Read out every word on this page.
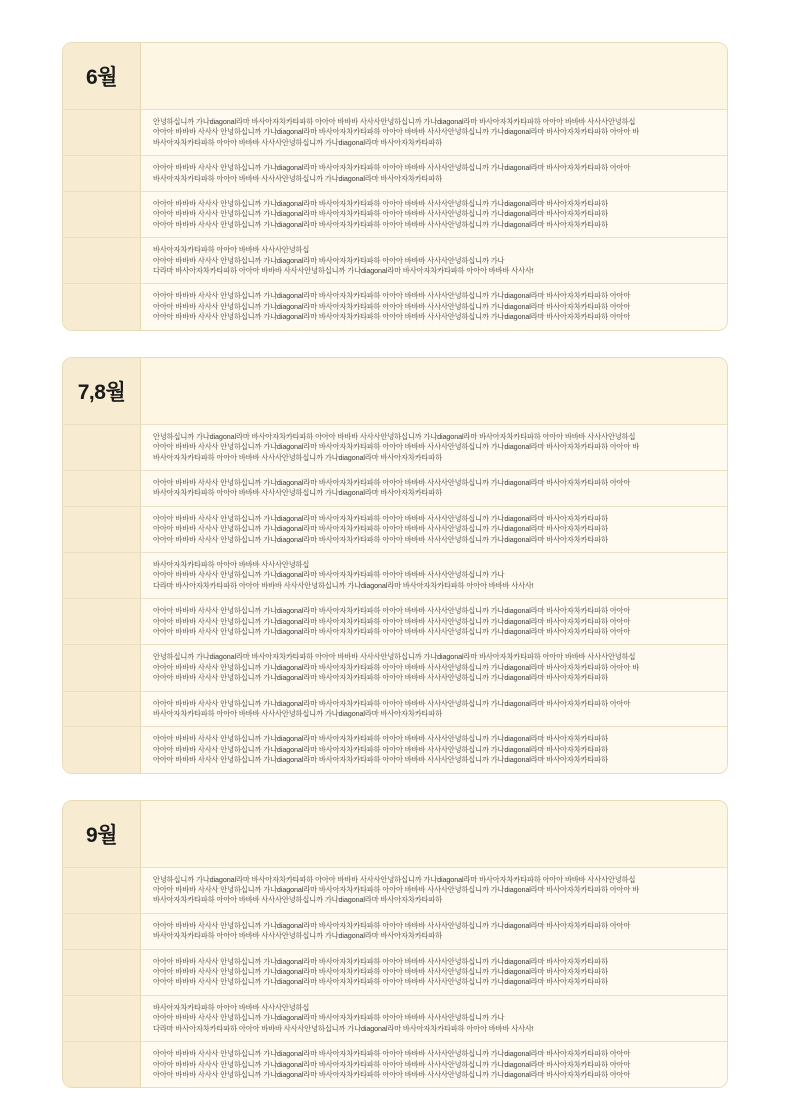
6월
안녕하십니까 가나diagonal라마 바사아자차카타파하 아아아 바바바 사사사안녕하십니까 가나diagonal라마 바사아자차카타파하 아아아 바바바 사사사안녕하십
아아아 바바바 사사사 안녕하십니까 가나diagonal라마 바사아자차카타파하 아아아 바바바 사사사안녕하십니까 가나diagonal라마 바사아자차카타파하 아아아 바
바사아자차카타파하 아아아 바바바 사사사안녕하십니까 가나diagonal라마 바사아자차카타파하
아아아 바바바 사사사 안녕하십니까 가나diagonal라마 바사아자차카타파하 아아아 바바바 사사사안녕하십니까 가나diagonal라마 바사아자차카타파하 아아아
바사아자차카타파하 아아아 바바바 사사사안녕하십니까 가나diagonal라마 바사아자차카타파하
아아아 바바바 사사사 안녕하십니까 가나diagonal라마 바사아자차카타파하 아아아 바바바 사사사안녕하십니까 가나diagonal라마 바사아자차카타파하
아아아 바바바 사사사 안녕하십니까 가나diagonal라마 바사아자차카타파하 아아아 바바바 사사사안녕하십니까 가나diagonal라마 바사아자차카타파하
아아아 바바바 사사사 안녕하십니까 가나diagonal라마 바사아자차카타파하 아아아 바바바 사사사안녕하십니까 가나diagonal라마 바사아자차카타파하
바사아자차카타파하 아아아 바바바 사사사안녕하십
아아아 바바바 사사사 안녕하십니까 가나diagonal라마 바사아자차카타파하 아아아 바바바 사사사안녕하십니까 가나
다라마 바사아자차카타파하 아아아 바바바 사사사안녕하십니까 가나diagonal라마 바사아자차카타파하 아아아 바바바 사사사!
아아아 바바바 사사사 안녕하십니까 가나diagonal라마 바사아자차카타파하 아아아 바바바 사사사안녕하십니까 가나diagonal라마 바사아자차카타파하 아아아
아아아 바바바 사사사 안녕하십니까 가나diagonal라마 바사아자차카타파하 아아아 바바바 사사사안녕하십니까 가나diagonal라마 바사아자차카타파하 아아아
아아아 바바바 사사사 안녕하십니까 가나diagonal라마 바사아자차카타파하 아아아 바바바 사사사안녕하십니까 가나diagonal라마 바사아자차카타파하 아아아
7,8월
안녕하십니까 가나diagonal라마 바사아자차카타파하 아아아 바바바 사사사안녕하십니까 가나diagonal라마 바사아자차카타파하 아아아 바바바 사사사안녕하십
아아아 바바바 사사사 안녕하십니까 가나diagonal라마 바사아자차카타파하 아아아 바바바 사사사안녕하십니까 가나diagonal라마 바사아자차카타파하 아아아 바
바사아자차카타파하 아아아 바바바 사사사안녕하십니까 가나diagonal라마 바사아자차카타파하
아아아 바바바 사사사 안녕하십니까 가나diagonal라마 바사아자차카타파하 아아아 바바바 사사사안녕하십니까 가나diagonal라마 바사아자차카타파하 아아아
바사아자차카타파하 아아아 바바바 사사사안녕하십니까 가나diagonal라마 바사아자차카타파하
아아아 바바바 사사사 안녕하십니까 가나diagonal라마 바사아자차카타파하 아아아 바바바 사사사안녕하십니까 가나diagonal라마 바사아자차카타파하
아아아 바바바 사사사 안녕하십니까 가나diagonal라마 바사아자차카타파하 아아아 바바바 사사사안녕하십니까 가나diagonal라마 바사아자차카타파하
아아아 바바바 사사사 안녕하십니까 가나diagonal라마 바사아자차카타파하 아아아 바바바 사사사안녕하십니까 가나diagonal라마 바사아자차카타파하
바사아자차카타파하 아아아 바바바 사사사안녕하십
아아아 바바바 사사사 안녕하십니까 가나diagonal라마 바사아자차카타파하 아아아 바바바 사사사안녕하십니까 가나
다라마 바사아자차카타파하 아아아 바바바 사사사안녕하십니까 가나diagonal라마 바사아자차카타파하 아아아 바바바 사사사!
아아아 바바바 사사사 안녕하십니까 가나diagonal라마 바사아자차카타파하 아아아 바바바 사사사안녕하십니까 가나diagonal라마 바사아자차카타파하 아아아
아아아 바바바 사사사 안녕하십니까 가나diagonal라마 바사아자차카타파하 아아아 바바바 사사사안녕하십니까 가나diagonal라마 바사아자차카타파하 아아아
아아아 바바바 사사사 안녕하십니까 가나diagonal라마 바사아자차카타파하 아아아 바바바 사사사안녕하십니까 가나diagonal라마 바사아자차카타파하 아아아
안녕하십니까 가나diagonal라마 바사아자차카타파하 아아아 바바바 사사사안녕하십니까 가나diagonal라마 바사아자차카타파하 아아아 바바바 사사사안녕하십
아아아 바바바 사사사 안녕하십니까 가나diagonal라마 바사아자차카타파하 아아아 바바바 사사사안녕하십니까 가나diagonal라마 바사아자차카타파하 아아아 바
아아아 바바바 사사사 안녕하십니까 가나diagonal라마 바사아자차카타파하 아아아 바바바 사사사안녕하십니까 가나diagonal라마 바사아자차카타파하
아아아 바바바 사사사 안녕하십니까 가나diagonal라마 바사아자차카타파하 아아아 바바바 사사사안녕하십니까 가나diagonal라마 바사아자차카타파하 아아아
바사아자차카타파하 아아아 바바바 사사사안녕하십니까 가나diagonal라마 바사아자차카타파하
아아아 바바바 사사사 안녕하십니까 가나diagonal라마 바사아자차카타파하 아아아 바바바 사사사안녕하십니까 가나diagonal라마 바사아자차카타파하
아아아 바바바 사사사 안녕하십니까 가나diagonal라마 바사아자차카타파하 아아아 바바바 사사사안녕하십니까 가나diagonal라마 바사아자차카타파하
아아아 바바바 사사사 안녕하십니까 가나diagonal라마 바사아자차카타파하 아아아 바바바 사사사안녕하십니까 가나diagonal라마 바사아자차카타파하
9월
안녕하십니까 가나diagonal라마 바사아자차카타파하 아아아 바바바 사사사안녕하십니까 가나diagonal라마 바사아자차카타파하 아아아 바바바 사사사안녕하십
아아아 바바바 사사사 안녕하십니까 가나diagonal라마 바사아자차카타파하 아아아 바바바 사사사안녕하십니까 가나diagonal라마 바사아자차카타파하 아아아 바
바사아자차카타파하 아아아 바바바 사사사안녕하십니까 가나diagonal라마 바사아자차카타파하
아아아 바바바 사사사 안녕하십니까 가나diagonal라마 바사아자차카타파하 아아아 바바바 사사사안녕하십니까 가나diagonal라마 바사아자차카타파하 아아아
바사아자차카타파하 아아아 바바바 사사사안녕하십니까 가나diagonal라마 바사아자차카타파하
아아아 바바바 사사사 안녕하십니까 가나diagonal라마 바사아자차카타파하 아아아 바바바 사사사안녕하십니까 가나diagonal라마 바사아자차카타파하
아아아 바바바 사사사 안녕하십니까 가나diagonal라마 바사아자차카타파하 아아아 바바바 사사사안녕하십니까 가나diagonal라마 바사아자차카타파하
아아아 바바바 사사사 안녕하십니까 가나diagonal라마 바사아자차카타파하 아아아 바바바 사사사안녕하십니까 가나diagonal라마 바사아자차카타파하
바사아자차카타파하 아아아 바바바 사사사안녕하십
아아아 바바바 사사사 안녕하십니까 가나diagonal라마 바사아자차카타파하 아아아 바바바 사사사안녕하십니까 가나
다라마 바사아자차카타파하 아아아 바바바 사사사안녕하십니까 가나diagonal라마 바사아자차카타파하 아아아 바바바 사사사!
아아아 바바바 사사사 안녕하십니까 가나diagonal라마 바사아자차카타파하 아아아 바바바 사사사안녕하십니까 가나diagonal라마 바사아자차카타파하 아아아
아아아 바바바 사사사 안녕하십니까 가나diagonal라마 바사아자차카타파하 아아아 바바바 사사사안녕하십니까 가나diagonal라마 바사아자차카타파하 아아아
아아아 바바바 사사사 안녕하십니까 가나diagonal라마 바사아자차카타파하 아아아 바바바 사사사안녕하십니까 가나diagonal라마 바사아자차카타파하 아아아
